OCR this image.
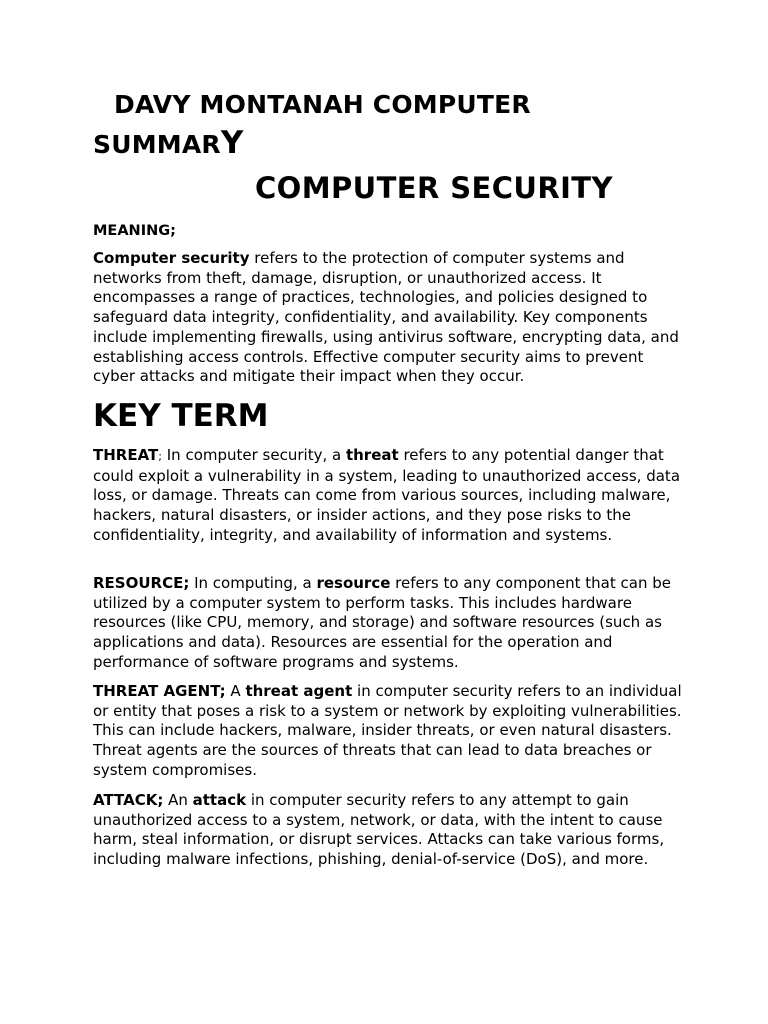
DAVY MONTANAH COMPUTER
SUMMARY
COMPUTER SECURITY
MEANING;
Computer security refers to the protection of computer systems and networks from theft, damage, disruption, or unauthorized access. It encompasses a range of practices, technologies, and policies designed to safeguard data integrity, confidentiality, and availability. Key components include implementing firewalls, using antivirus software, encrypting data, and establishing access controls. Effective computer security aims to prevent cyber attacks and mitigate their impact when they occur.
KEY TERM
THREAT; In computer security, a threat refers to any potential danger that could exploit a vulnerability in a system, leading to unauthorized access, data loss, or damage. Threats can come from various sources, including malware, hackers, natural disasters, or insider actions, and they pose risks to the confidentiality, integrity, and availability of information and systems.
RESOURCE; In computing, a resource refers to any component that can be utilized by a computer system to perform tasks. This includes hardware resources (like CPU, memory, and storage) and software resources (such as applications and data). Resources are essential for the operation and performance of software programs and systems.
THREAT AGENT; A threat agent in computer security refers to an individual or entity that poses a risk to a system or network by exploiting vulnerabilities. This can include hackers, malware, insider threats, or even natural disasters. Threat agents are the sources of threats that can lead to data breaches or system compromises.
ATTACK; An attack in computer security refers to any attempt to gain unauthorized access to a system, network, or data, with the intent to cause harm, steal information, or disrupt services. Attacks can take various forms, including malware infections, phishing, denial-of-service (DoS), and more.
